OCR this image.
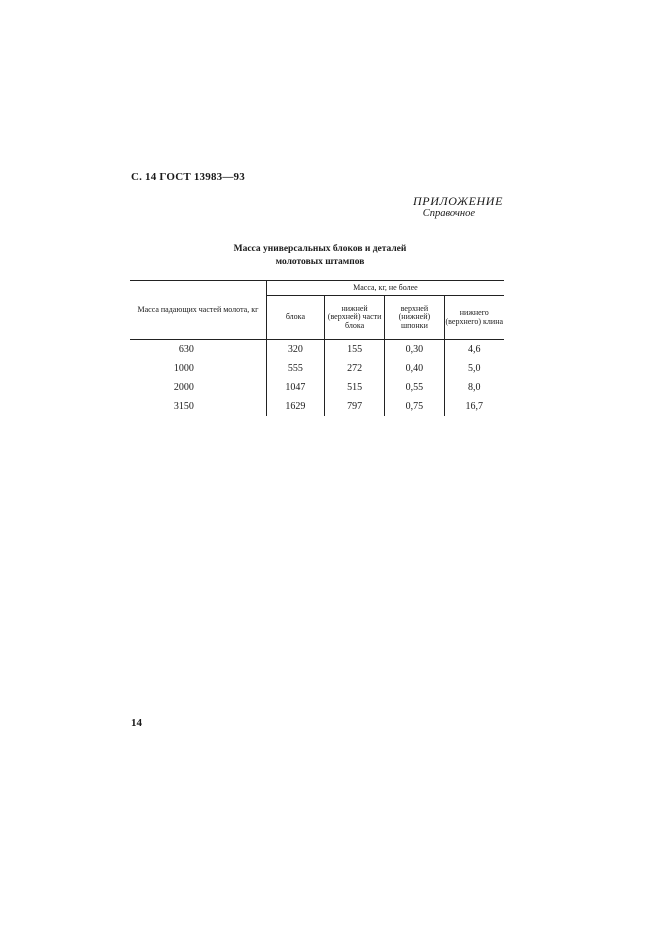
С. 14 ГОСТ 13983—93
ПРИЛОЖЕНИЕ
Справочное
Масса универсальных блоков и деталей
молотовых штампов
Масса падающих частей молота, кг	Масса, кг, не более			
	блока	нижней (верхней) части блока	верхней (нижней) шпонки	нижнего (верхнего) клина
630	320	155	0,30	4,6
1000	555	272	0,40	5,0
2000	1047	515	0,55	8,0
3150	1629	797	0,75	16,7
14
